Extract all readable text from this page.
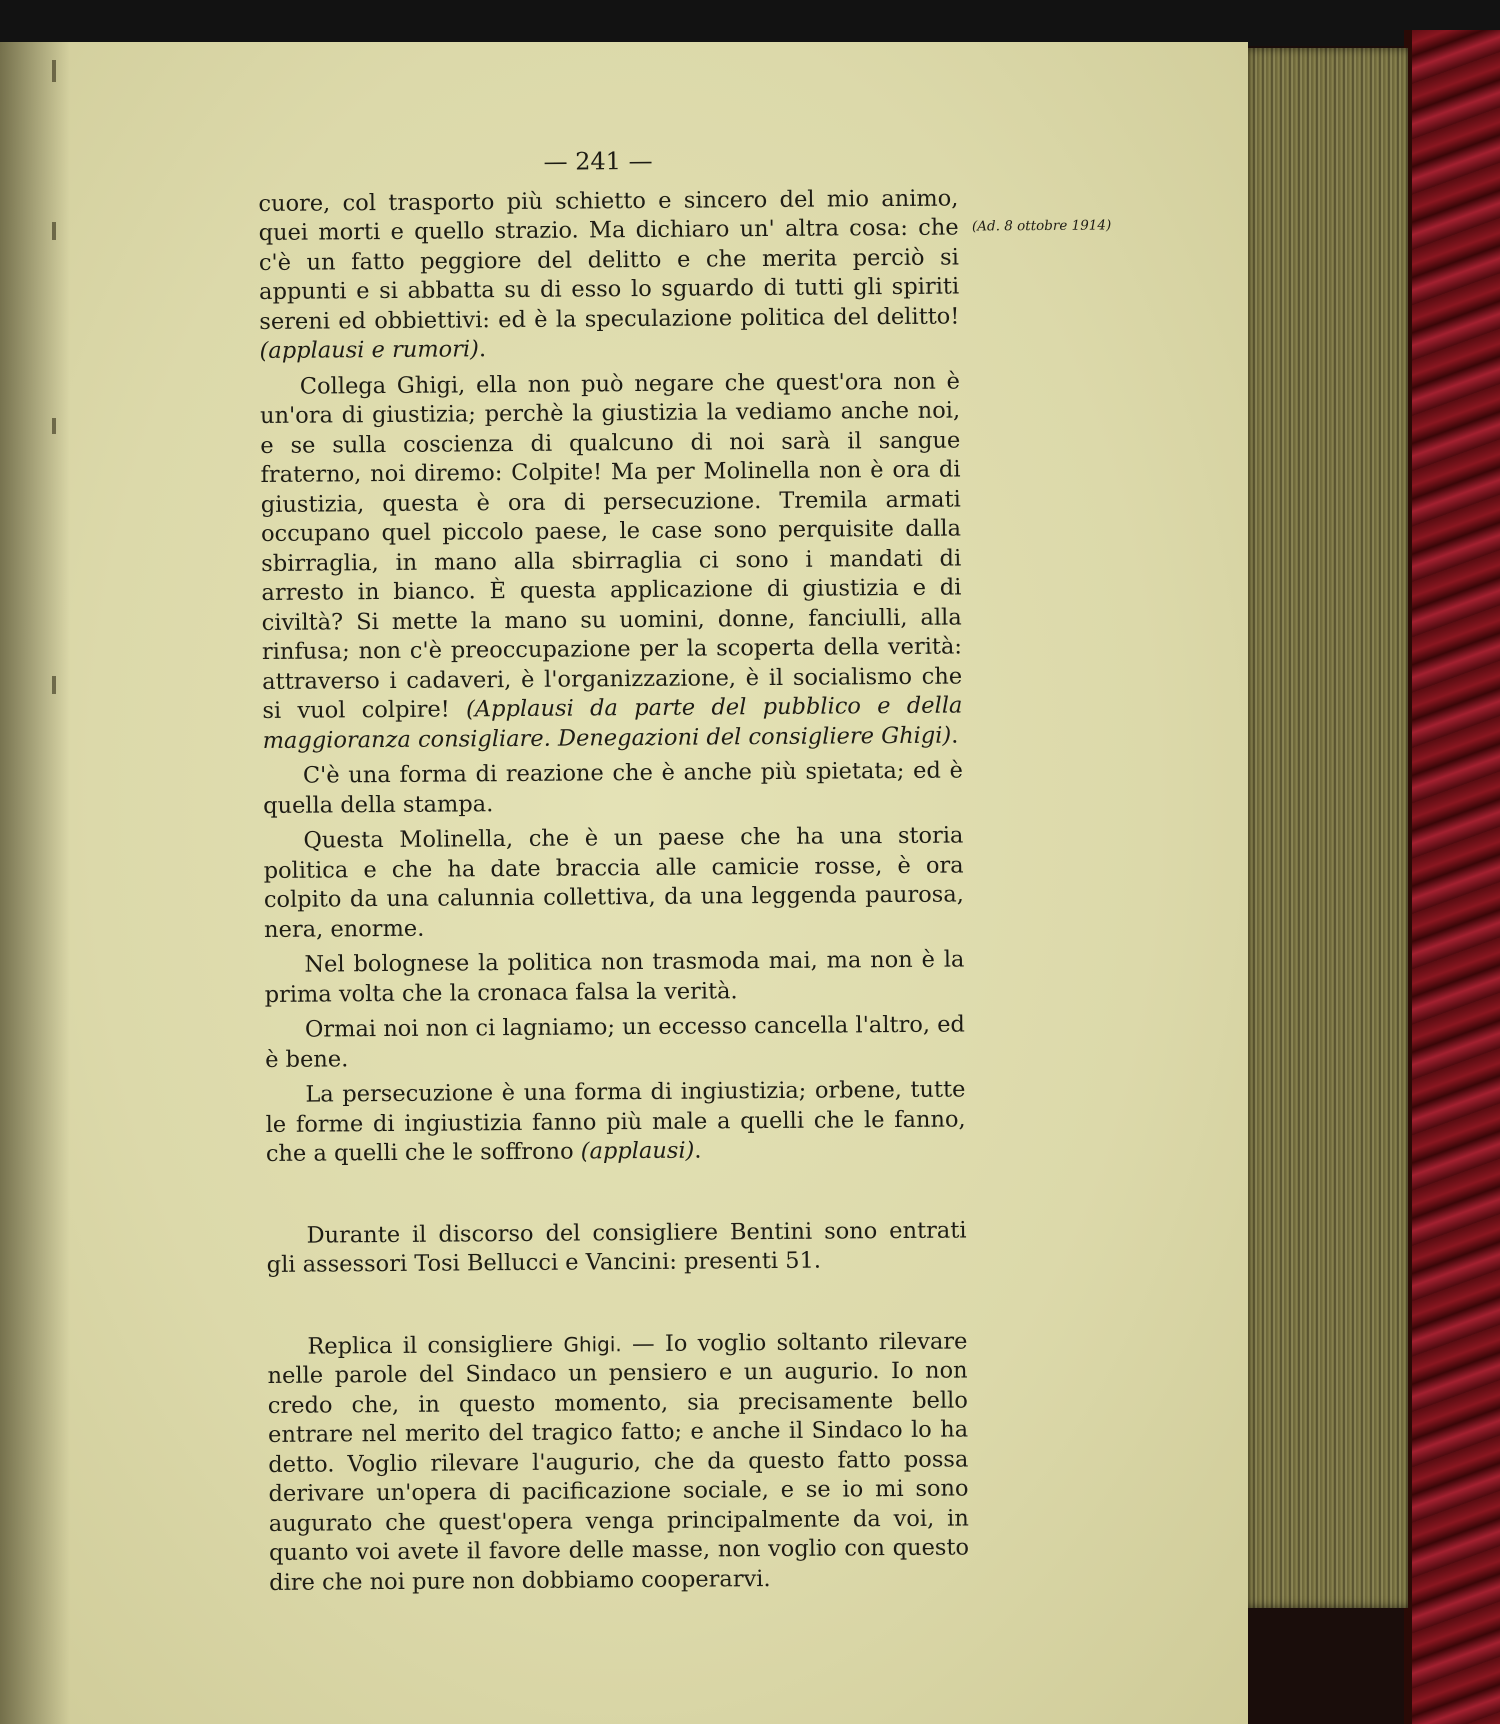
(Ad. 8 ottobre 1914)
— 241 —

cuore, col trasporto più schietto e sincero del mio animo, quei morti e quello strazio. Ma dichiaro un' altra cosa: che c'è un fatto peggiore del delitto e che merita perciò si appunti e si abbatta su di esso lo sguardo di tutti gli spiriti sereni ed obbiettivi: ed è la speculazione politica del delitto! (applausi e rumori).

Collega Ghigi, ella non può negare che quest'ora non è un'ora di giustizia; perchè la giustizia la vediamo anche noi, e se sulla coscienza di qualcuno di noi sarà il sangue fraterno, noi diremo: Colpite! Ma per Molinella non è ora di giustizia, questa è ora di persecuzione. Tremila armati occupano quel piccolo paese, le case sono perquisite dalla sbirraglia, in mano alla sbirraglia ci sono i mandati di arresto in bianco. È questa applicazione di giustizia e di civiltà? Si mette la mano su uomini, donne, fanciulli, alla rinfusa; non c'è preoccupazione per la scoperta della verità: attraverso i cadaveri, è l'organizzazione, è il socialismo che si vuol colpire! (Applausi da parte del pubblico e della maggioranza consigliare. Denegazioni del consigliere Ghigi).

C'è una forma di reazione che è anche più spietata; ed è quella della stampa.

Questa Molinella, che è un paese che ha una storia politica e che ha date braccia alle camicie rosse, è ora colpito da una calunnia collettiva, da una leggenda paurosa, nera, enorme.

Nel bolognese la politica non trasmoda mai, ma non è la prima volta che la cronaca falsa la verità.

Ormai noi non ci lagniamo; un eccesso cancella l'altro, ed è bene.

La persecuzione è una forma di ingiustizia; orbene, tutte le forme di ingiustizia fanno più male a quelli che le fanno, che a quelli che le soffrono (applausi).

Durante il discorso del consigliere Bentini sono entrati gli assessori Tosi Bellucci e Vancini: presenti 51.

Replica il consigliere Ghigi. — Io voglio soltanto rilevare nelle parole del Sindaco un pensiero e un augurio. Io non credo che, in questo momento, sia precisamente bello entrare nel merito del tragico fatto; e anche il Sindaco lo ha detto. Voglio rilevare l'augurio, che da questo fatto possa derivare un'opera di pacificazione sociale, e se io mi sono augurato che quest'opera venga principalmente da voi, in quanto voi avete il favore delle masse, non voglio con questo dire che noi pure non dobbiamo cooperarvi.
